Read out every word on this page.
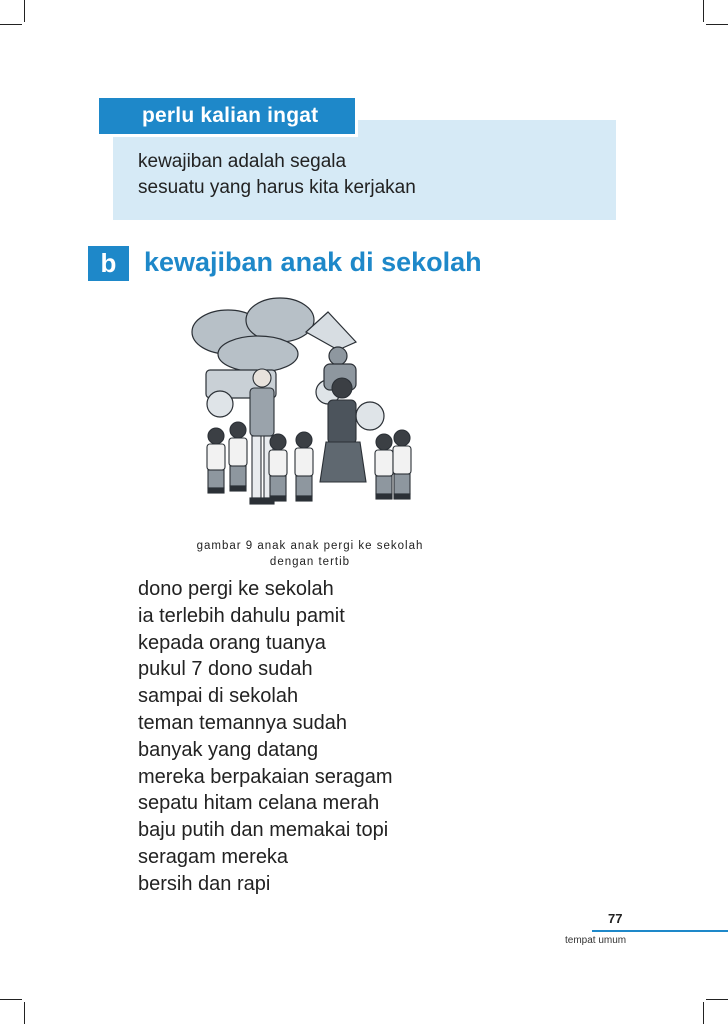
perlu kalian ingat
kewajiban adalah segala
sesuatu yang harus kita kerjakan
b	kewajiban anak di sekolah
gambar 9 anak anak pergi ke sekolah
dengan tertib
dono pergi ke sekolah
ia terlebih dahulu pamit
kepada orang tuanya
pukul 7 dono sudah
sampai di sekolah
teman temannya sudah
banyak yang datang
mereka berpakaian seragam
sepatu hitam celana merah
baju putih dan memakai topi
seragam mereka
bersih dan rapi
77
tempat umum
